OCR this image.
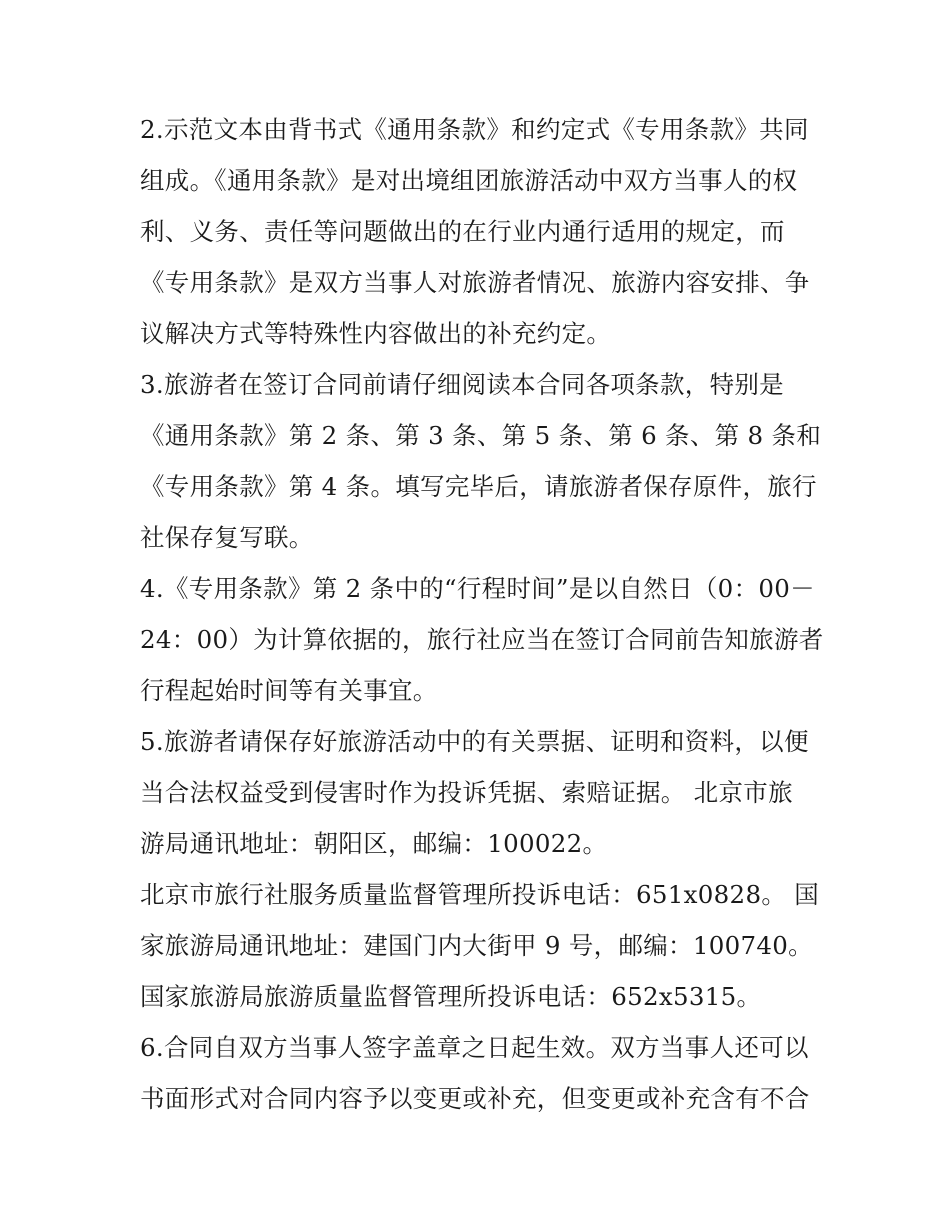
2.示范文本由背书式《通用条款》和约定式《专用条款》共同
组成。《通用条款》是对出境组团旅游活动中双方当事人的权
利、义务、责任等问题做出的在行业内通行适用的规定，而
《专用条款》是双方当事人对旅游者情况、旅游内容安排、争
议解决方式等特殊性内容做出的补充约定。
3.旅游者在签订合同前请仔细阅读本合同各项条款，特别是
《通用条款》第 2 条、第 3 条、第 5 条、第 6 条、第 8 条和
《专用条款》第 4 条。填写完毕后，请旅游者保存原件，旅行
社保存复写联。
4.《专用条款》第 2 条中的“行程时间”是以自然日（0：00－
24：00）为计算依据的，旅行社应当在签订合同前告知旅游者
行程起始时间等有关事宜。
5.旅游者请保存好旅游活动中的有关票据、证明和资料，以便
当合法权益受到侵害时作为投诉凭据、索赔证据。 北京市旅
游局通讯地址：朝阳区，邮编：100022。
北京市旅行社服务质量监督管理所投诉电话：651x0828。 国
家旅游局通讯地址：建国门内大街甲 9 号，邮编：100740。
国家旅游局旅游质量监督管理所投诉电话：652x5315。
6.合同自双方当事人签字盖章之日起生效。双方当事人还可以
书面形式对合同内容予以变更或补充，但变更或补充含有不合
